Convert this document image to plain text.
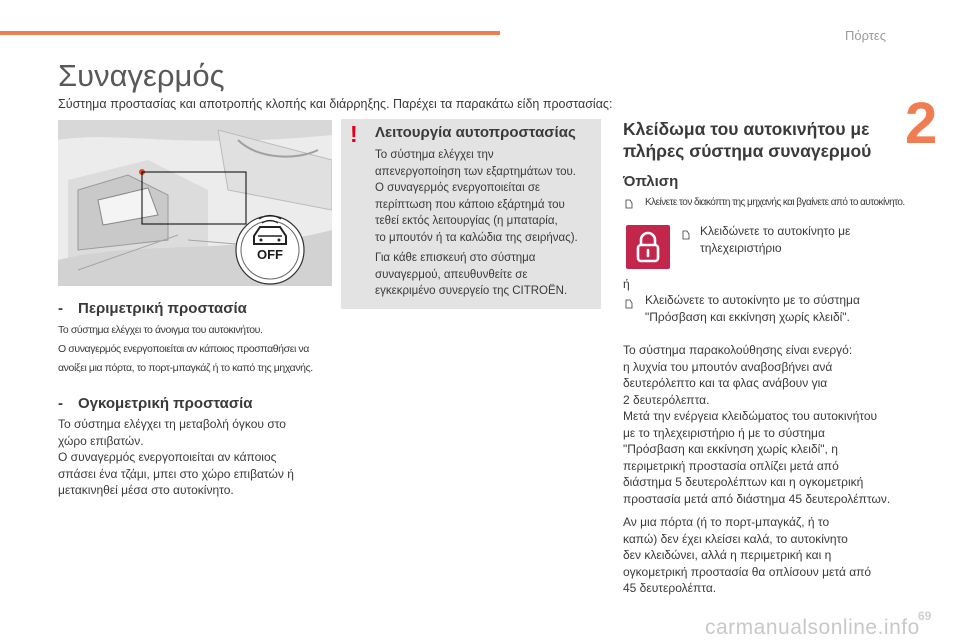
Πόρτες
2
Συναγερμός
Σύστημα προστασίας και αποτροπής κλοπής και διάρρηξης. Παρέχει τα παρακάτω είδη προστασίας:
OFF
- Περιμετρική προστασία
Το σύστημα ελέγχει το άνοιγμα του αυτοκινήτου.
Ο συναγερμός ενεργοποιείται αν κάποιος προσπαθήσει να
ανοίξει μια πόρτα, το πορτ-μπαγκάζ ή το καπό της μηχανής.
- Ογκομετρική προστασία
Το σύστημα ελέγχει τη μεταβολή όγκου στο
χώρο επιβατών.
Ο συναγερμός ενεργοποιείται αν κάποιος
σπάσει ένα τζάμι, μπει στο χώρο επιβατών ή
μετακινηθεί μέσα στο αυτοκίνητο.
! Λειτουργία αυτοπροστασίας
Το σύστημα ελέγχει την
απενεργοποίηση των εξαρτημάτων του.
Ο συναγερμός ενεργοποιείται σε
περίπτωση που κάποιο εξάρτημά του
τεθεί εκτός λειτουργίας (η μπαταρία,
το μπουτόν ή τα καλώδια της σειρήνας).
Για κάθε επισκευή στο σύστημα
συναγερμού, απευθυνθείτε σε
εγκεκριμένο συνεργείο της CITROËN.
Κλείδωμα του αυτοκινήτου με
πλήρες σύστημα συναγερμού
Όπλιση
Κλείνετε τον διακόπτη της μηχανής και βγαίνετε από το αυτοκίνητο.
Κλειδώνετε το αυτοκίνητο με
τηλεχειριστήριο
ή
Κλειδώνετε το αυτοκίνητο με το σύστημα
"Πρόσβαση και εκκίνηση χωρίς κλειδί".
Το σύστημα παρακολούθησης είναι ενεργό:
η λυχνία του μπουτόν αναβοσβήνει ανά
δευτερόλεπτο και τα φλας ανάβουν για
2 δευτερόλεπτα.
Μετά την ενέργεια κλειδώματος του αυτοκινήτου
με το τηλεχειριστήριο ή με το σύστημα
"Πρόσβαση και εκκίνηση χωρίς κλειδί", η
περιμετρική προστασία οπλίζει μετά από
διάστημα 5 δευτερολέπτων και η ογκομετρική
προστασία μετά από διάστημα 45 δευτερολέπτων.
Αν μια πόρτα (ή το πορτ-μπαγκάζ, ή το
καπώ) δεν έχει κλείσει καλά, το αυτοκίνητο
δεν κλειδώνει, αλλά η περιμετρική και η
ογκομετρική προστασία θα οπλίσουν μετά από
45 δευτερολέπτα.
carmanualsonline.info
69
